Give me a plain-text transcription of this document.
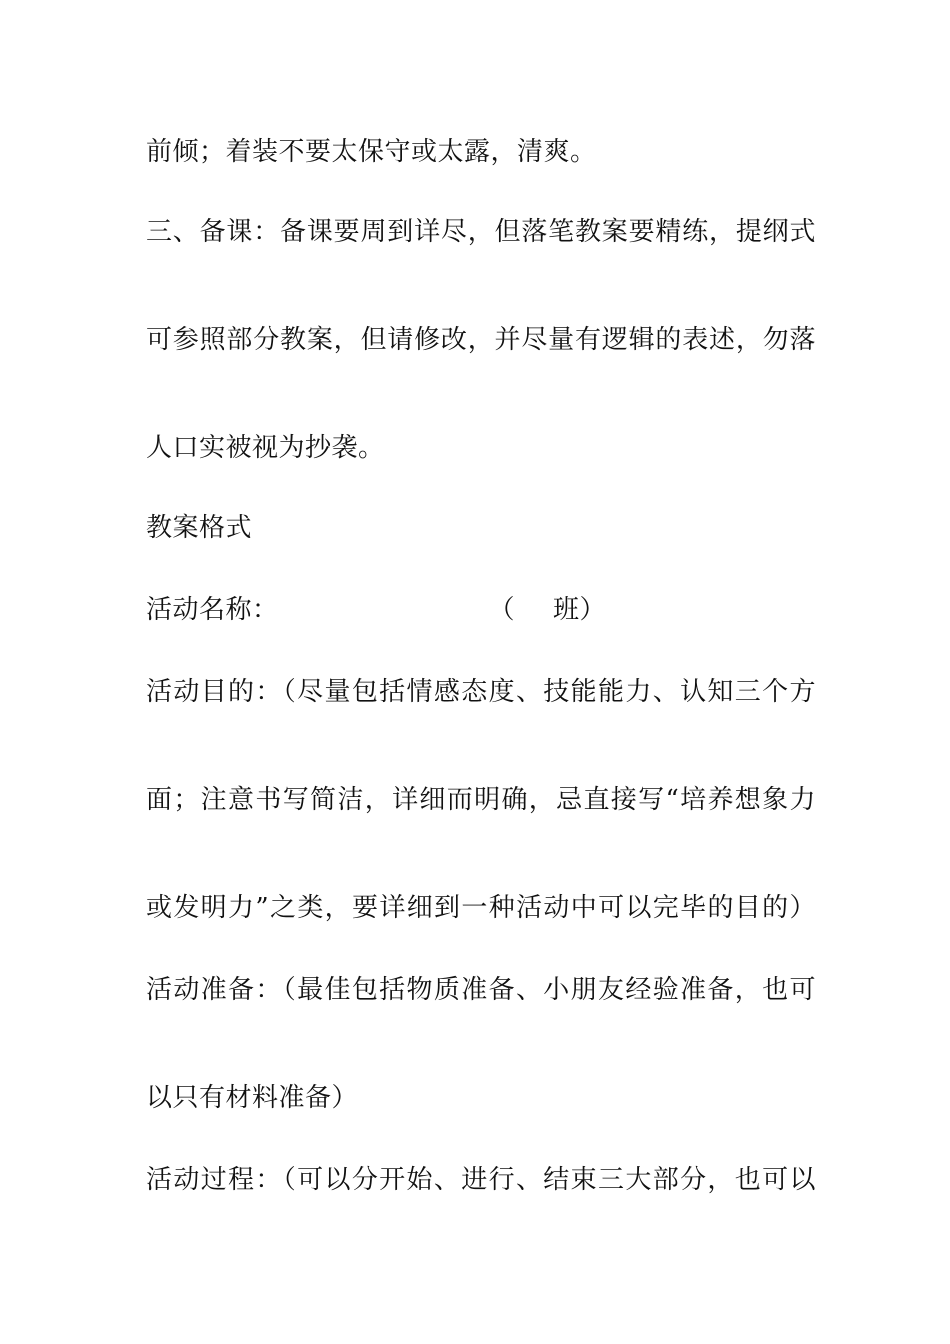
前倾；着装不要太保守或太露，清爽。
三、备课：备课要周到详尽，但落笔教案要精练，提纲式
可参照部分教案，但请修改，并尽量有逻辑的表述，勿落
人口实被视为抄袭。
教案格式
活动名称：	（ 班）
活动目的：（尽量包括情感态度、技能能力、认知三个方
面；注意书写简洁，详细而明确，忌直接写“培养想象力
或发明力”之类，要详细到一种活动中可以完毕的目的）
活动准备：（最佳包括物质准备、小朋友经验准备，也可
以只有材料准备）
活动过程：（可以分开始、进行、结束三大部分，也可以
